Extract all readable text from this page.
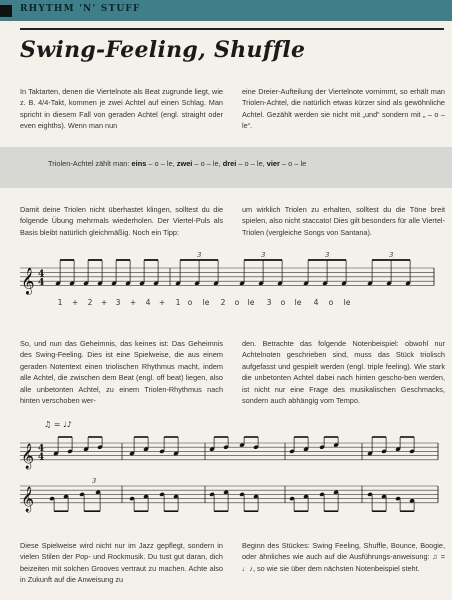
RHYTHM 'N' STUFF
Swing-Feeling, Shuffle

In Taktarten, denen die Viertelnote als Beat zugrunde liegt, wie z. B. 4/4-Takt, kommen je zwei Achtel auf einen Schlag. Man spricht in diesem Fall von geraden Achtel (engl. straight oder even eighths). Wenn man nun

eine Dreier-Aufteilung der Viertelnote vornimmt, so erhält man Triolen-Achtel, die natürlich etwas kürzer sind als gewöhnliche Achtel. Gezählt werden sie nicht mit „und“ sondern mit „ – o – le“.

Triolen-Achtel zählt man: eins – o – le, zwei – o – le, drei – o – le, vier – o – le

Damit deine Triolen nicht überhastet klingen, solltest du die folgende Übung mehrmals wiederholen. Der Viertel-Puls als Basis bleibt natürlich gleichmäßig. Noch ein Tipp:

um wirklich Triolen zu erhalten, solltest du die Töne breit spielen, also nicht staccato! Dies gilt besonders für alle Viertel-Triolen (vergleiche Songs von Santana).

𝄞 4
4
3	3	3	3
1 + 2 + 3 + 4 + 1 o le 2 o le 3 o le 4 o le

So, und nun das Geheimnis, das keines ist: Das Geheimnis des Swing-Feeling. Dies ist eine Spielweise, die aus einem geraden Notentext einen triolischen Rhythmus macht, indem alle Achtel, die zwischen dem Beat (engl. off beat) liegen, also alle unbetonten Achtel, zu einem Triolen-Rhythmus nach hinten verschoben wer-

den. Betrachte das folgende Notenbeispiel: obwohl nur Achtelnoten geschrieben sind, muss das Stück triolisch aufgefasst und gespielt werden (engl. triple feeling). Wie stark die unbetonten Achtel dabei nach hinten gescho-ben werden, ist nicht nur eine Frage des musikalischen Geschmacks, sondern auch abhängig vom Tempo.

♫ = ♩♪
𝄞 4
4
𝄞
3

Diese Spielweise wird nicht nur im Jazz gepflegt, sondern in vielen Stilen der Pop- und Rockmusik. Du tust gut daran, dich beizeiten mit solchen Grooves vertraut zu machen. Achte also in Zukunft auf die Anweisung zu

Beginn des Stückes: Swing Feeling, Shuffle, Bounce, Boogie, oder ähnliches wie auch auf die Ausführungs-anweisung: ♫ = ♩♪, so wie sie über dem nächsten Notenbeispiel steht.
